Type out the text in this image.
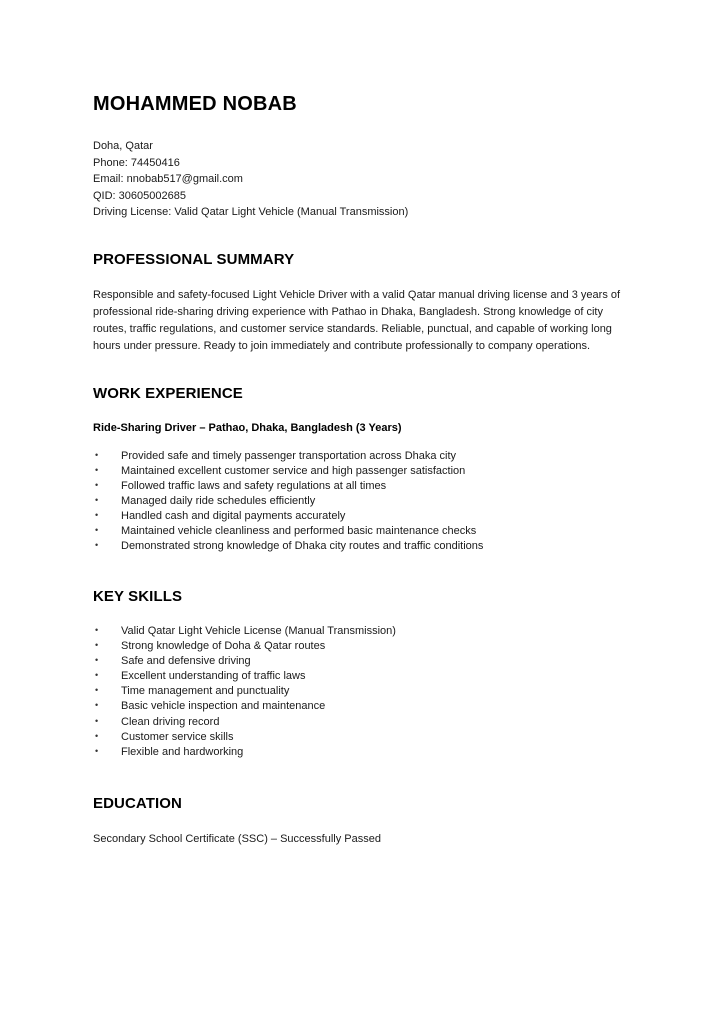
MOHAMMED NOBAB
Doha, Qatar
Phone: 74450416
Email: nnobab517@gmail.com
QID: 30605002685
Driving License: Valid Qatar Light Vehicle (Manual Transmission)
PROFESSIONAL SUMMARY

Responsible and safety-focused Light Vehicle Driver with a valid Qatar manual driving license and 3 years of professional ride-sharing driving experience with Pathao in Dhaka, Bangladesh. Strong knowledge of city routes, traffic regulations, and customer service standards. Reliable, punctual, and capable of working long hours under pressure. Ready to join immediately and contribute professionally to company operations.

WORK EXPERIENCE

Ride-Sharing Driver – Pathao, Dhaka, Bangladesh (3 Years)

• Provided safe and timely passenger transportation across Dhaka city
• Maintained excellent customer service and high passenger satisfaction
• Followed traffic laws and safety regulations at all times
• Managed daily ride schedules efficiently
• Handled cash and digital payments accurately
• Maintained vehicle cleanliness and performed basic maintenance checks
• Demonstrated strong knowledge of Dhaka city routes and traffic conditions
KEY SKILLS
• Valid Qatar Light Vehicle License (Manual Transmission)
• Strong knowledge of Doha & Qatar routes
• Safe and defensive driving
• Excellent understanding of traffic laws
• Time management and punctuality
• Basic vehicle inspection and maintenance
• Clean driving record
• Customer service skills
• Flexible and hardworking
EDUCATION

Secondary School Certificate (SSC) – Successfully Passed
